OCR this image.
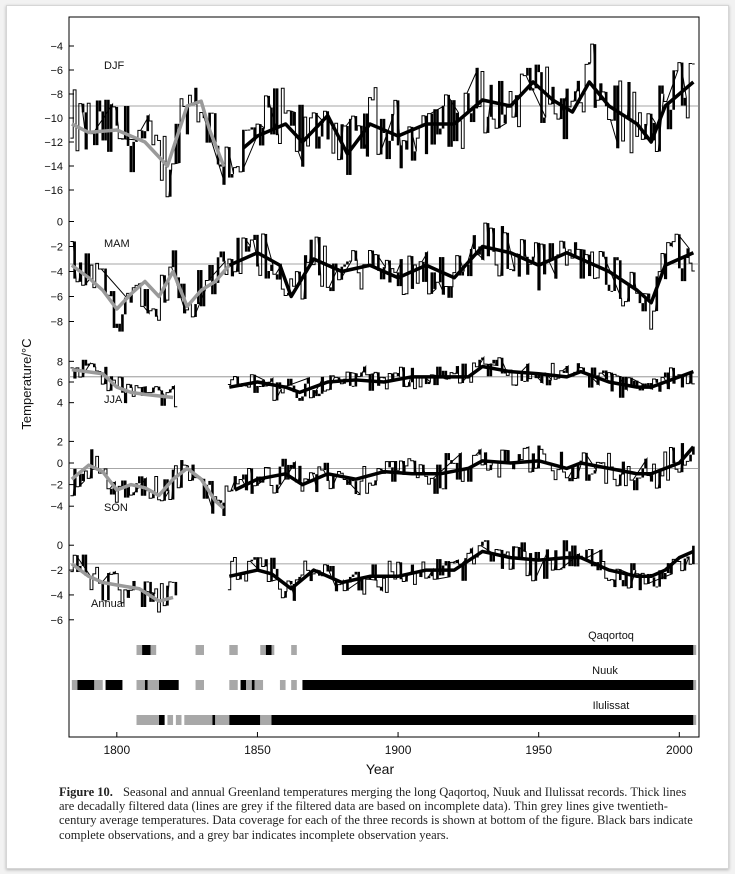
−4
−6
−8
−10
−12
−14
−16
DJF
0
−2
−4
−6
−8
MAM
8
6
4	JJA
2
0
−2
−4	SON
0
−2
−4
−6
Annual
Temperature/°C
Qaqortoq
Nuuk
Ilulissat
1800	1850	1900	1950	2000
Year
Figure 10. Seasonal and annual Greenland temperatures merging the long Qaqortoq, Nuuk and Ilulissat records. Thick lines are decadally filtered data (lines are grey if the filtered data are based on incomplete data). Thin grey lines give twentieth-century average temperatures. Data coverage for each of the three records is shown at bottom of the figure. Black bars indicate complete observations, and a grey bar indicates incomplete observation years.
